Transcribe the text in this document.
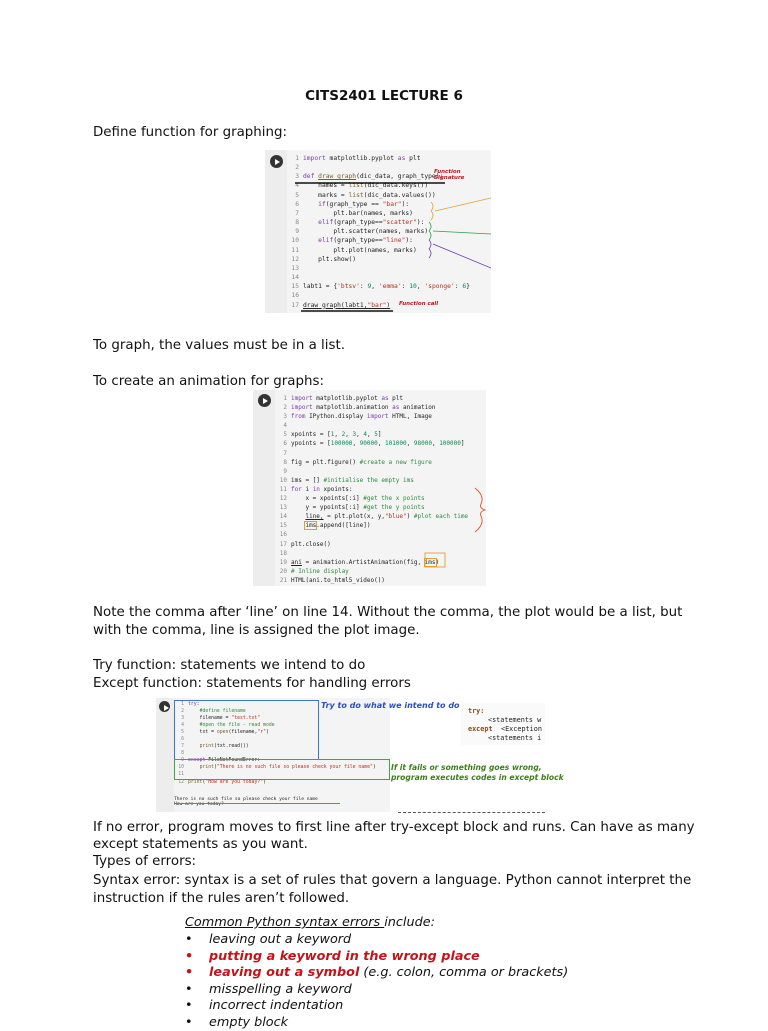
CITS2401 LECTURE 6
Define function for graphing:
1 import matplotlib.pyplot as plt
2
3 def draw_graph(dic_data, graph_type):
4    names = list(dic_data.keys())
5    marks = list(dic_data.values())
6	if(graph_type == "bar"):
7        plt.bar(names, marks)
8	elif(graph_type=="scatter"):
9        plt.scatter(names, marks)
10	elif(graph_type=="line"):
11        plt.plot(names, marks)
12    plt.show()
13
14
15 labt1 = {'btsv': 9, 'emma': 10, 'sponge': 6}
16
17 draw_graph(labt1,"bar")
Function Signature
Function call
To graph, the values must be in a list.
To create an animation for graphs:
1 import matplotlib.pyplot as plt
2 import matplotlib.animation as animation
3 from IPython.display import HTML, Image
4
5 xpoints = [1, 2, 3, 4, 5]
6 ypoints = [100000, 90000, 101000, 98000, 100000]
7
8 fig = plt.figure() #create a new figure
9
10 ims = [] #initialise the empty ims
11 for i in xpoints:
12    x = xpoints[:i] #get the x points
13    y = ypoints[:i] #get the y points
14	line, = plt.plot(x, y,"blue") #plot each time
15	ims.append([line])
16
17 plt.close()
18
19 ani = animation.ArtistAnimation(fig, ims)
20 # Inline display
21 HTML(ani.to_html5_video())
Note the comma after ‘line’ on line 14. Without the comma, the plot would be a list, but
with the comma, line is assigned the plot image.
Try function: statements we intend to do
Except function: statements for handling errors
1 try:
2	#define filename
3    filename = "test.txt"
4	#open the file - read mode
5    txt = open(filename,"r")
6
7	print(txt.read())
8
9 except FileNotFoundError:
10	print("There is no such file so please check your file name")
11
12 print("How are you today?")
There is no such file so please check your file name
How are you today?
Try to do what we intend to do
If it fails or something goes wrong,
program executes codes in except block
try:
<statements w
except <Exception
<statements i
If no error, program moves to first line after try-except block and runs. Can have as many
except statements as you want.
Types of errors:
Syntax error: syntax is a set of rules that govern a language. Python cannot interpret the
instruction if the rules aren’t followed.
Common Python syntax errors include:
• leaving out a keyword
• putting a keyword in the wrong place
• leaving out a symbol (e.g. colon, comma or brackets)
• misspelling a keyword
• incorrect indentation
• empty block
